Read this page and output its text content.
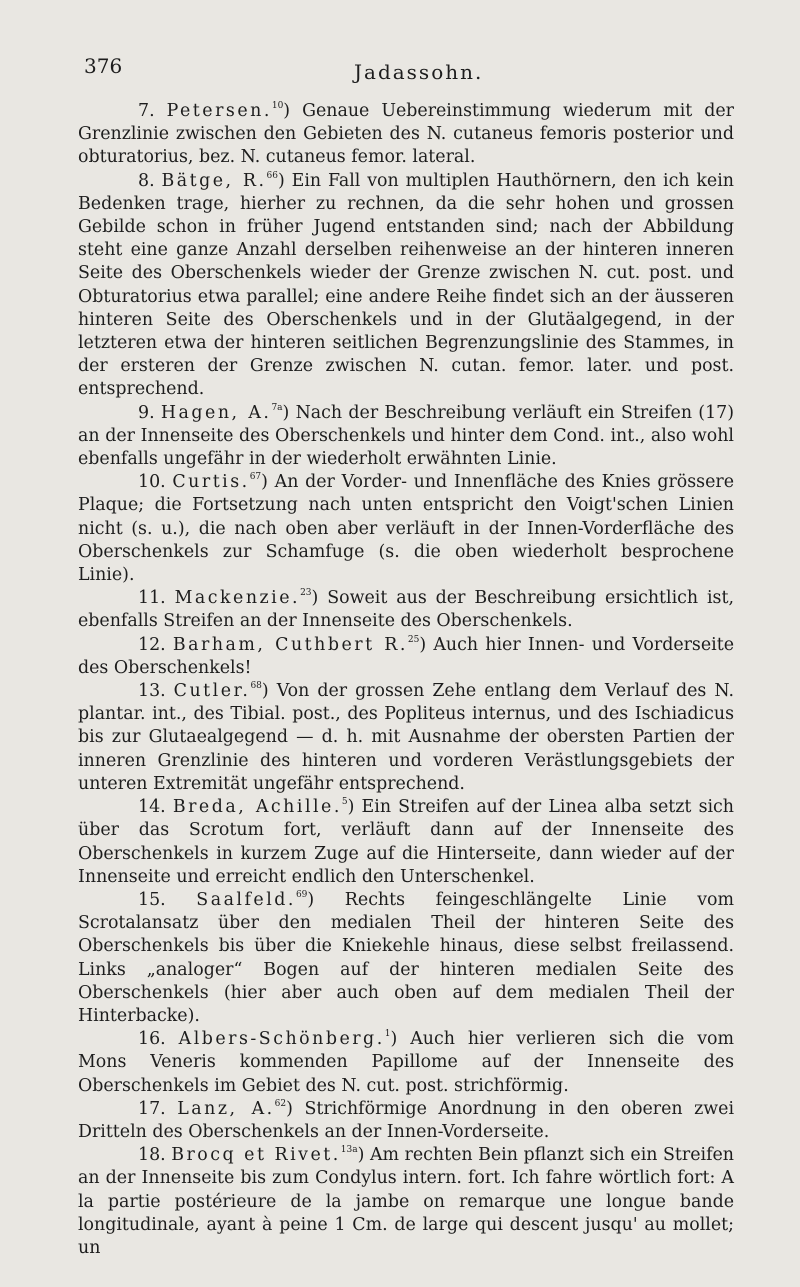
376	Jadassohn.

7. Petersen.$^{10}$) Genaue Uebereinstimmung wiederum mit der Grenzlinie zwischen den Gebieten des N. cutaneus femoris posterior und obturatorius, bez. N. cutaneus femor. lateral.

8. Bätge, R.$^{66}$) Ein Fall von multiplen Hauthörnern, den ich kein Bedenken trage, hierher zu rechnen, da die sehr hohen und grossen Gebilde schon in früher Jugend entstanden sind; nach der Abbildung steht eine ganze Anzahl derselben reihenweise an der hinteren inneren Seite des Oberschenkels wieder der Grenze zwischen N. cut. post. und Obturatorius etwa parallel; eine andere Reihe findet sich an der äusseren hinteren Seite des Oberschenkels und in der Glutäalgegend, in der letzteren etwa der hinteren seitlichen Begrenzungslinie des Stammes, in der ersteren der Grenze zwischen N. cutan. femor. later. und post. entsprechend.

9. Hagen, A.$^{7a}$) Nach der Beschreibung verläuft ein Streifen (17) an der Innenseite des Oberschenkels und hinter dem Cond. int., also wohl ebenfalls ungefähr in der wiederholt erwähnten Linie.

10. Curtis.$^{67}$) An der Vorder- und Innenfläche des Knies grössere Plaque; die Fortsetzung nach unten entspricht den Voigt'schen Linien nicht (s. u.), die nach oben aber verläuft in der Innen-Vorderfläche des Oberschenkels zur Schamfuge (s. die oben wiederholt besprochene Linie).

11. Mackenzie.$^{23}$) Soweit aus der Beschreibung ersichtlich ist, ebenfalls Streifen an der Innenseite des Oberschenkels.

12. Barham, Cuthbert R.$^{25}$) Auch hier Innen- und Vorderseite des Oberschenkels!

13. Cutler.$^{68}$) Von der grossen Zehe entlang dem Verlauf des N. plantar. int., des Tibial. post., des Popliteus internus, und des Ischiadicus bis zur Glutaealgegend — d. h. mit Ausnahme der obersten Partien der inneren Grenzlinie des hinteren und vorderen Verästlungsgebiets der unteren Extremität ungefähr entsprechend.

14. Breda, Achille.$^5$) Ein Streifen auf der Linea alba setzt sich über das Scrotum fort, verläuft dann auf der Innenseite des Oberschenkels in kurzem Zuge auf die Hinterseite, dann wieder auf der Innenseite und erreicht endlich den Unterschenkel.

15. Saalfeld.$^{69}$) Rechts feingeschlängelte Linie vom Scrotalansatz über den medialen Theil der hinteren Seite des Oberschenkels bis über die Kniekehle hinaus, diese selbst freilassend. Links „analoger“ Bogen auf der hinteren medialen Seite des Oberschenkels (hier aber auch oben auf dem medialen Theil der Hinterbacke).

16. Albers-Schönberg.$^1$) Auch hier verlieren sich die vom Mons Veneris kommenden Papillome auf der Innenseite des Oberschenkels im Gebiet des N. cut. post. strichförmig.

17. Lanz, A.$^{62}$) Strichförmige Anordnung in den oberen zwei Dritteln des Oberschenkels an der Innen-Vorderseite.

18. Brocq et Rivet.$^{13a}$) Am rechten Bein pflanzt sich ein Streifen an der Innenseite bis zum Condylus intern. fort. Ich fahre wörtlich fort: A la partie postérieure de la jambe on remarque une longue bande longitudinale, ayant à peine 1 Cm. de large qui descent jusqu' au mollet; un
